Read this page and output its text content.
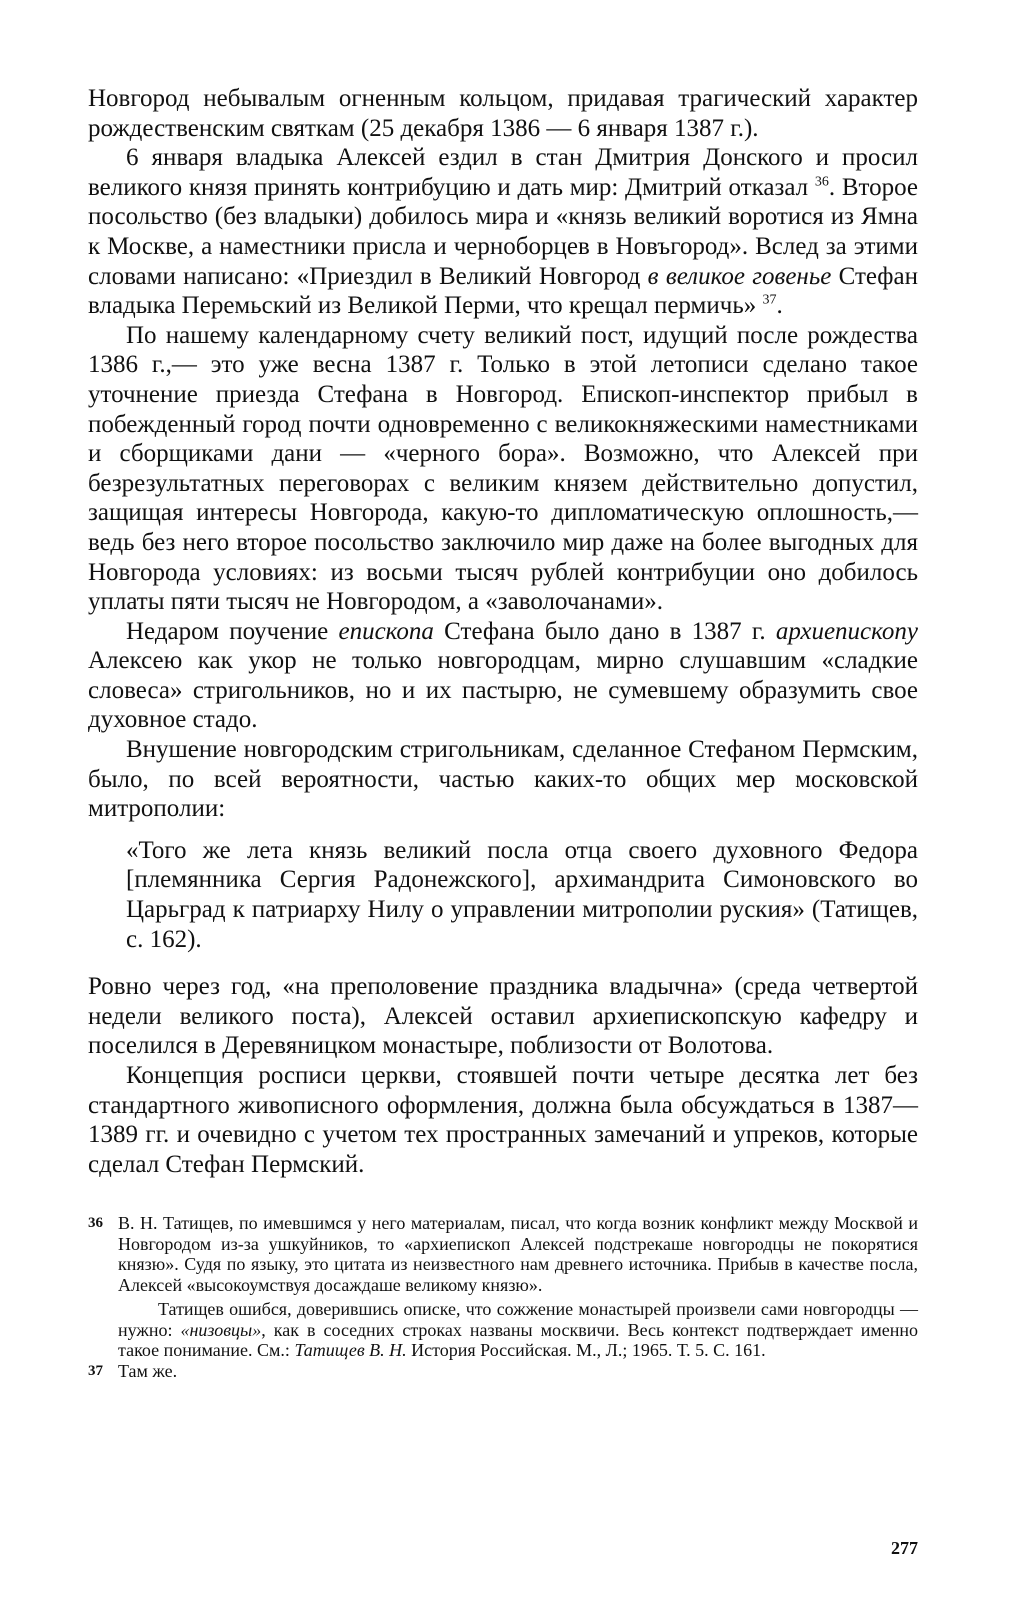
Новгород небывалым огненным кольцом, придавая трагический характер рождественским святкам (25 декабря 1386 — 6 января 1387 г.).

6 января владыка Алексей ездил в стан Дмитрия Донского и просил великого князя принять контрибуцию и дать мир: Дмитрий отказал $^{36}$. Второе посольство (без владыки) добилось мира и «князь великий воротися из Ямна к Москве, а наместники присла и черноборцев в Новъгород». Вслед за этими словами написано: «Приездил в Великий Новгород в великое говенье Стефан владыка Перемьский из Великой Перми, что крещал пермичь» $^{37}$.

По нашему календарному счету великий пост, идущий после рождества 1386 г.,— это уже весна 1387 г. Только в этой летописи сделано такое уточнение приезда Стефана в Новгород. Епископ-инспектор прибыл в побежденный город почти одновременно с великокняжескими наместниками и сборщиками дани — «черного бора». Возможно, что Алексей при безрезультатных переговорах с великим князем действительно допустил, защищая интересы Новгорода, какую-то дипломатическую оплошность,— ведь без него второе посольство заключило мир даже на более выгодных для Новгорода условиях: из восьми тысяч рублей контрибуции оно добилось уплаты пяти тысяч не Новгородом, а «заволочанами».

Недаром поучение епископа Стефана было дано в 1387 г. архиепископу Алексею как укор не только новгородцам, мирно слушавшим «сладкие словеса» стригольников, но и их пастырю, не сумевшему образумить свое духовное стадо.

Внушение новгородским стригольникам, сделанное Стефаном Пермским, было, по всей вероятности, частью каких-то общих мер московской митрополии:

«Того же лета князь великий посла отца своего духовного Федора [племянника Сергия Радонежского], архимандрита Симоновского во Царьград к патриарху Нилу о управлении митрополии руския» (Татищев, с. 162).

Ровно через год, «на преполовение праздника владычна» (среда четвертой недели великого поста), Алексей оставил архиепископскую кафедру и поселился в Деревяницком монастыре, поблизости от Волотова.

Концепция росписи церкви, стоявшей почти четыре десятка лет без стандартного живописного оформления, должна была обсуждаться в 1387—1389 гг. и очевидно с учетом тех пространных замечаний и упреков, которые сделал Стефан Пермский.

36 В. Н. Татищев, по имевшимся у него материалам, писал, что когда возник конфликт между Москвой и Новгородом из-за ушкуйников, то «архиепископ Алексей подстрекаше новгородцы не покорятися князю». Судя по языку, это цитата из неизвестного нам древнего источника. Прибыв в качестве посла, Алексей «высокоумствуя досаждаше великому князю».

Татищев ошибся, доверившись описке, что сожжение монастырей произвели сами новгородцы — нужно: «низовцы», как в соседних строках названы москвичи. Весь контекст подтверждает именно такое понимание. См.: Татищев В. Н. История Российская. М., Л.; 1965. Т. 5. С. 161.

37 Там же.

277
